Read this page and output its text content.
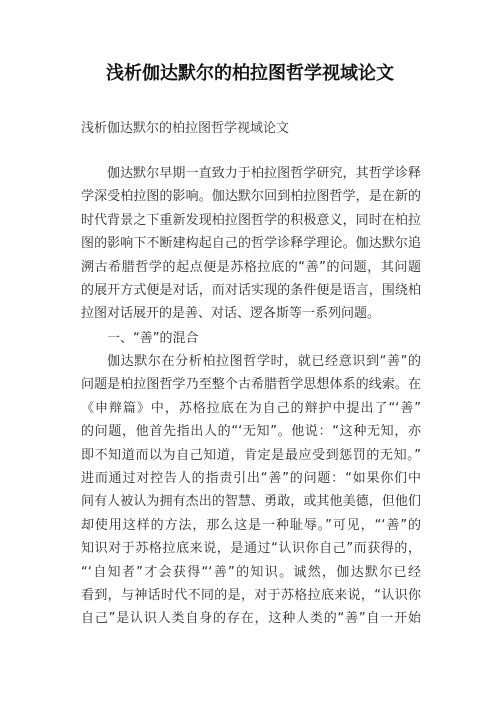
浅析伽达默尔的柏拉图哲学视域论文
浅析伽达默尔的柏拉图哲学视域论文
伽达默尔早期一直致力于柏拉图哲学研究，其哲学诊释
学深受柏拉图的影响。伽达默尔回到柏拉图哲学，是在新的
时代背景之下重新发现柏拉图哲学的积极意义，同时在柏拉
图的影响下不断建构起自己的哲学诊释学理论。伽达默尔追
溯古希腊哲学的起点便是苏格拉底的“善”的问题，其问题
的展开方式便是对话，而对话实现的条件便是语言，围绕柏
拉图对话展开的是善、对话、逻各斯等一系列问题。
一、“善”的混合
伽达默尔在分析柏拉图哲学时，就已经意识到“善”的
问题是柏拉图哲学乃至整个古希腊哲学思想体系的线索。在
《申辩篇》中，苏格拉底在为自己的辩护中提出了“‘善”
的问题，他首先指出人的“‘无知”。他说：“这种无知，亦
即不知道而以为自己知道，肯定是最应受到惩罚的无知。”
进而通过对控告人的指责引出“善”的问题：“如果你们中
间有人被认为拥有杰出的智慧、勇敢，或其他美德，但他们
却使用这样的方法，那么这是一种耻辱。”可见，“‘善”的
知识对于苏格拉底来说，是通过“认识你自己”而获得的，
“‘自知者”才会获得“‘善”的知识。诚然，伽达默尔已经
看到，与神话时代不同的是，对于苏格拉底来说，“认识你
自己”是认识人类自身的存在，这种人类的“善”自一开始
